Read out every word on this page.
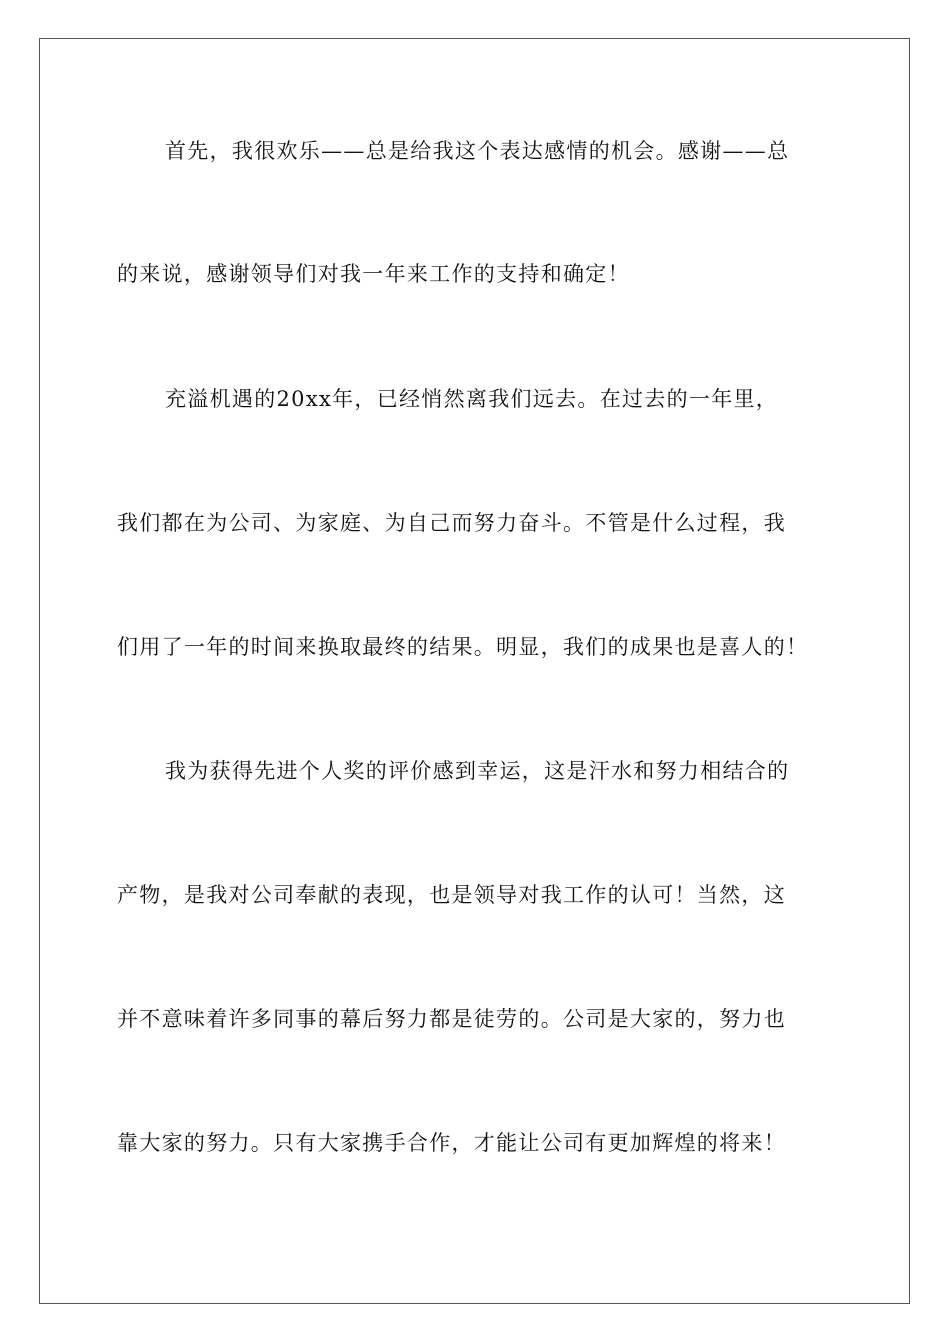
首先，我很欢乐——总是给我这个表达感情的机会。感谢——总
的来说，感谢领导们对我一年来工作的支持和确定！
充溢机遇的20xx年，已经悄然离我们远去。在过去的一年里，
我们都在为公司、为家庭、为自己而努力奋斗。不管是什么过程，我
们用了一年的时间来换取最终的结果。明显，我们的成果也是喜人的！
我为获得先进个人奖的评价感到幸运，这是汗水和努力相结合的
产物，是我对公司奉献的表现，也是领导对我工作的认可！当然，这
并不意味着许多同事的幕后努力都是徒劳的。公司是大家的，努力也
靠大家的努力。只有大家携手合作，才能让公司有更加辉煌的将来！
